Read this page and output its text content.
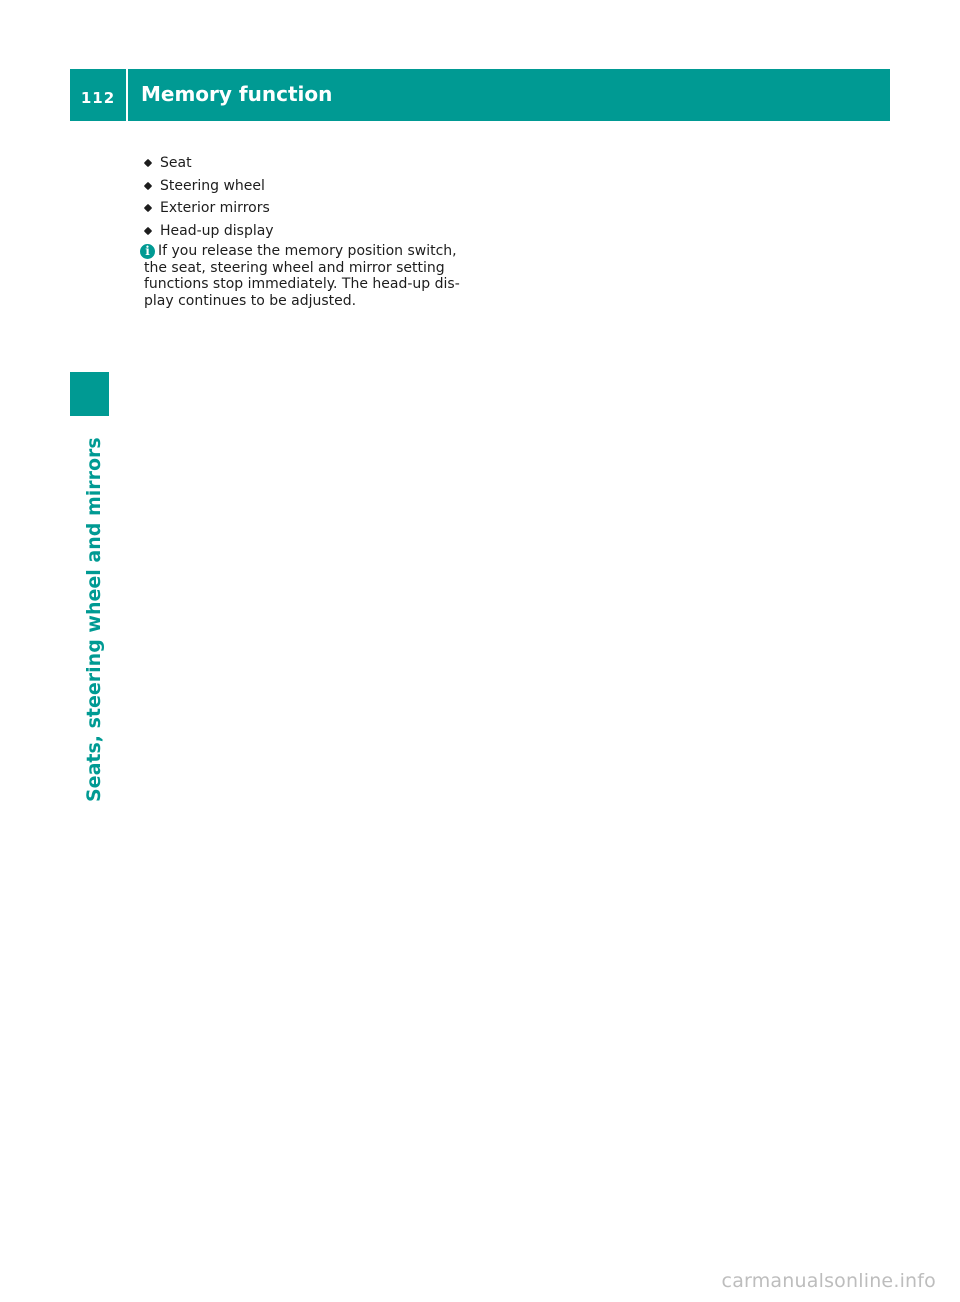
112	Memory function
Seats, steering wheel and mirrors
Seat
Steering wheel
Exterior mirrors
Head-up display
i If you release the memory position switch,
the seat, steering wheel and mirror setting
functions stop immediately. The head-up dis-
play continues to be adjusted.

carmanualsonline.info
